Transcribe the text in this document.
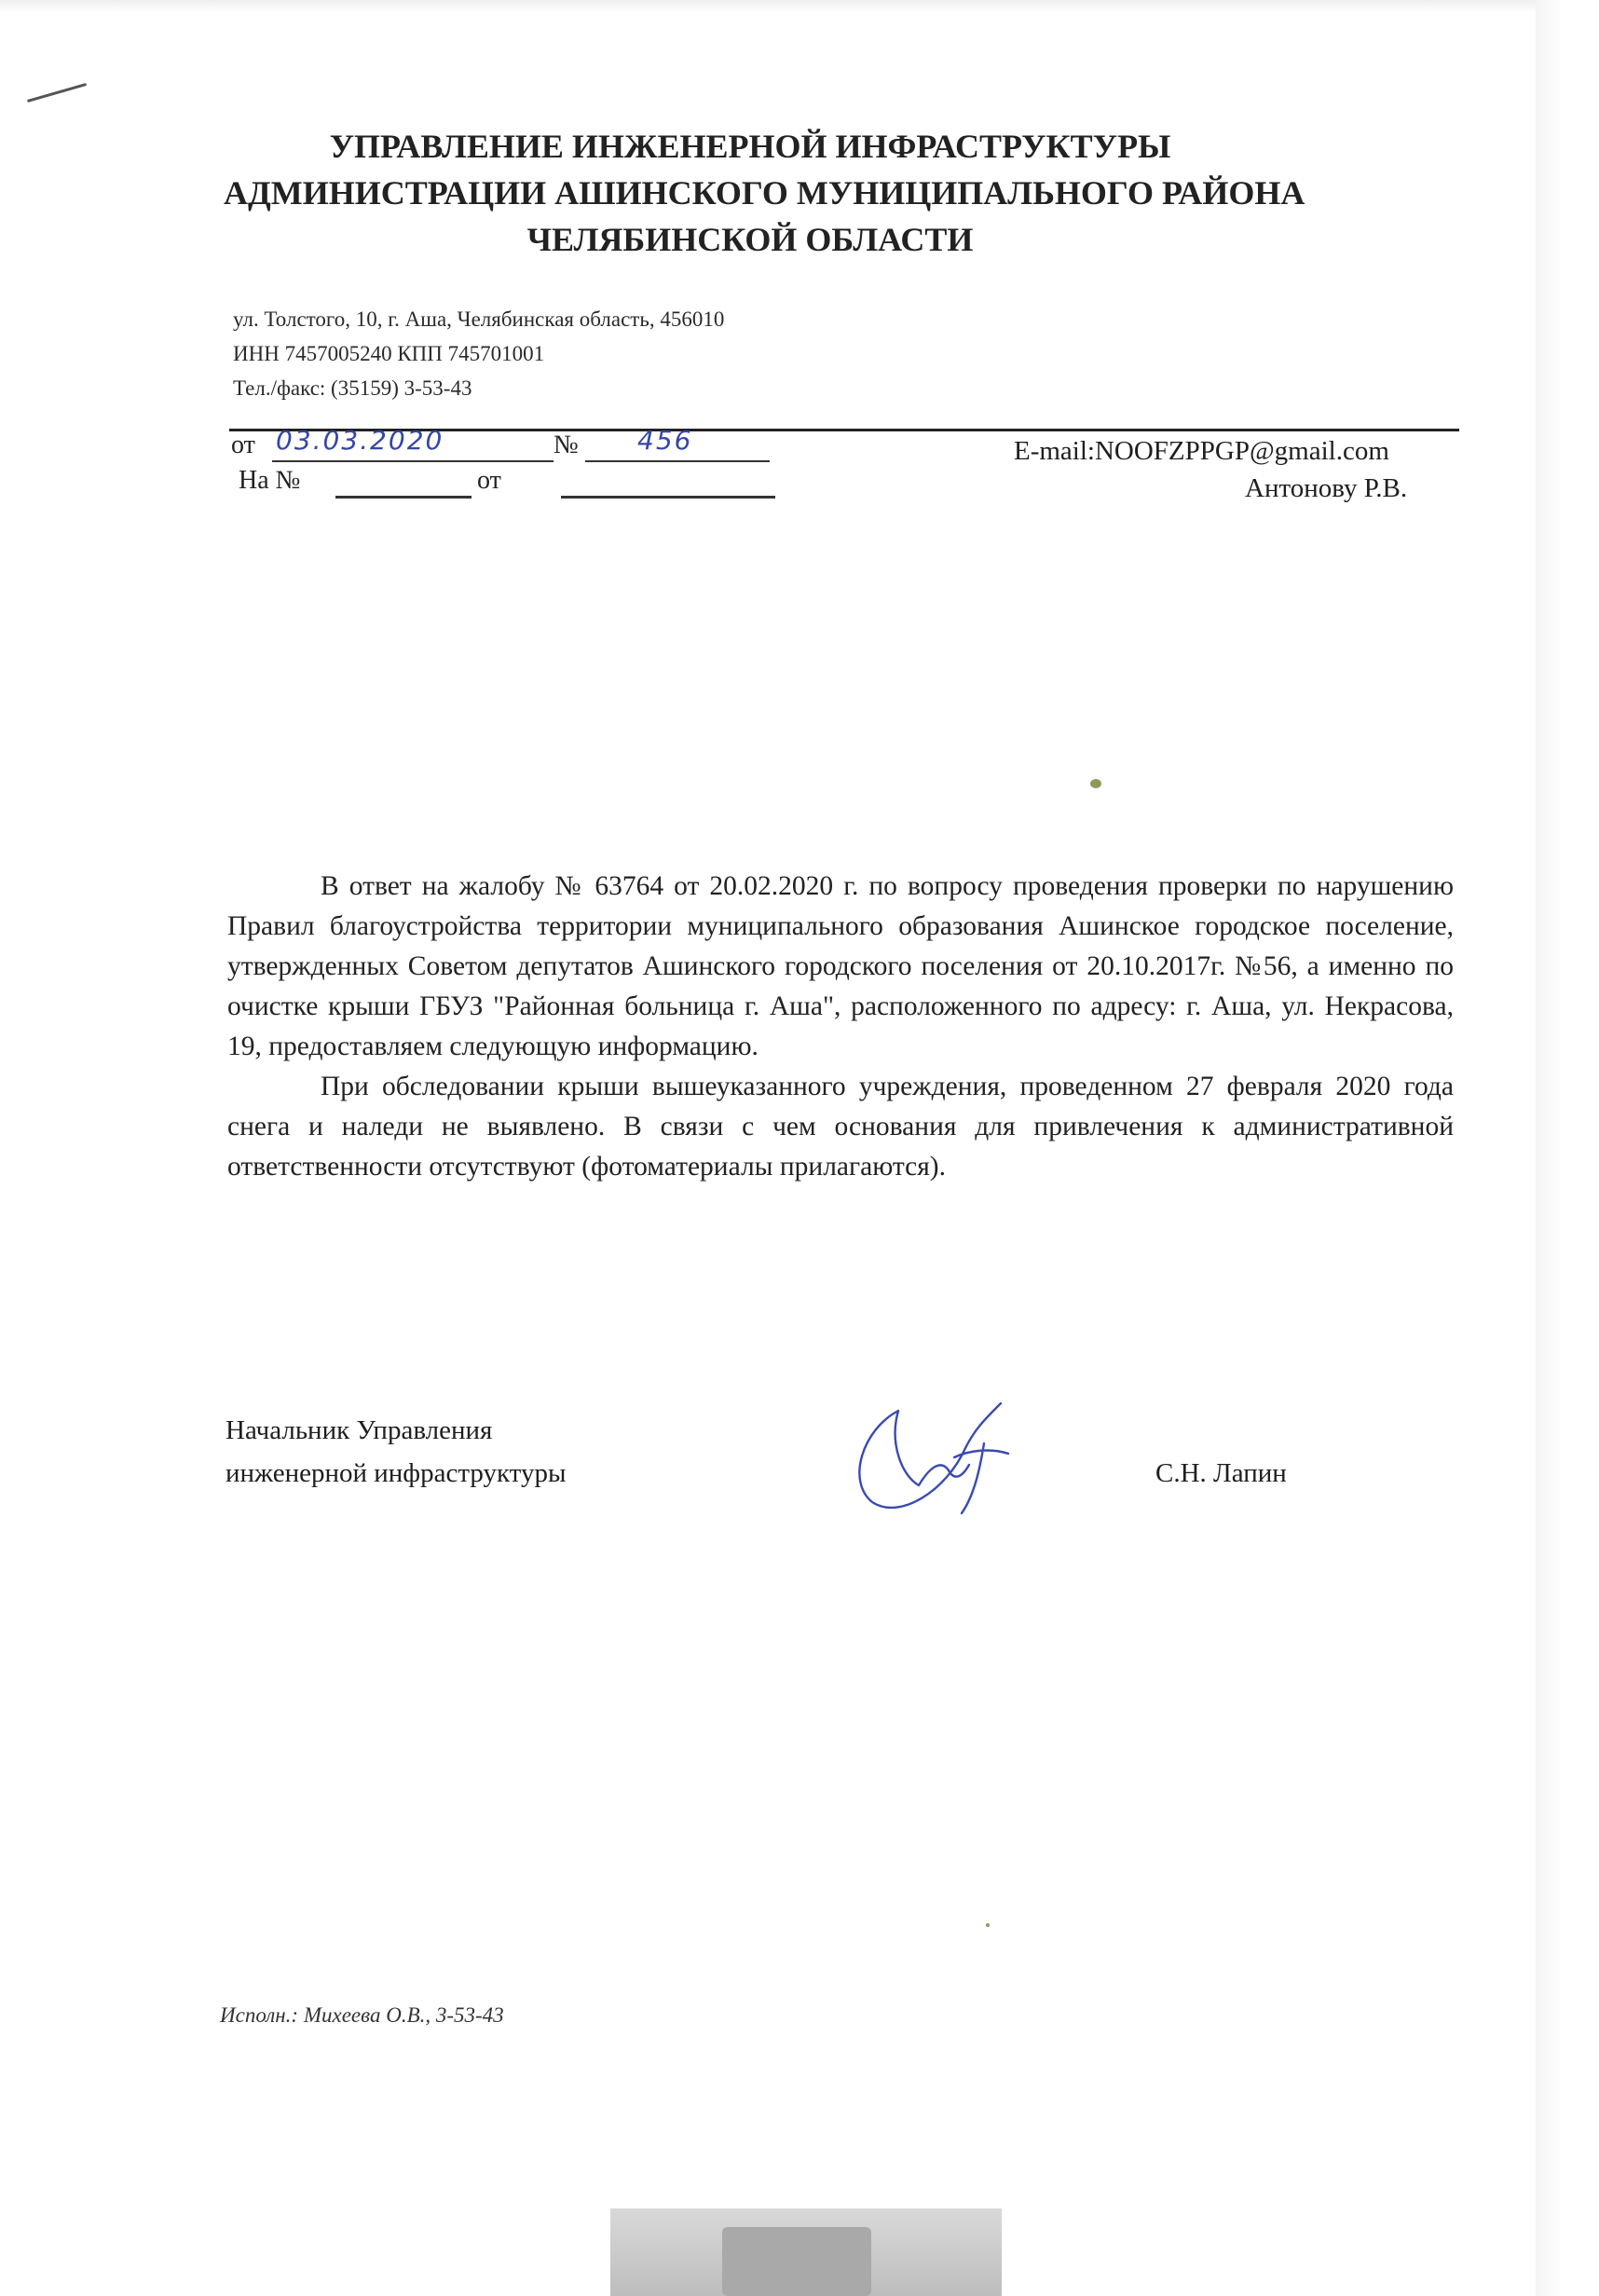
УПРАВЛЕНИЕ ИНЖЕНЕРНОЙ ИНФРАСТРУКТУРЫ
АДМИНИСТРАЦИИ АШИНСКОГО МУНИЦИПАЛЬНОГО РАЙОНА
ЧЕЛЯБИНСКОЙ ОБЛАСТИ
ул. Толстого, 10, г. Аша, Челябинская область, 456010
ИНН 7457005240 КПП 745701001
Тел./факс: (35159) 3-53-43
от 03.03.2020	№ 456
На №	от
E-mail:NOOFZPPGP@gmail.com
Антонову Р.В.

В ответ на жалобу № 63764 от 20.02.2020 г. по вопросу проведения проверки по нарушению Правил благоустройства территории муниципального образования Ашинское городское поселение, утвержденных Советом депутатов Ашинского городского поселения от 20.10.2017г. №56, а именно по очистке крыши ГБУЗ "Районная больница г. Аша", расположенного по адресу: г. Аша, ул. Некрасова, 19, предоставляем следующую информацию.

При обследовании крыши вышеуказанного учреждения, проведенном 27 февраля 2020 года снега и наледи не выявлено. В связи с чем основания для привлечения к административной ответственности отсутствуют (фотоматериалы прилагаются).

Начальник Управления
инженерной инфраструктуры	С.Н. Лапин
Исполн.: Михеева О.В., 3-53-43
